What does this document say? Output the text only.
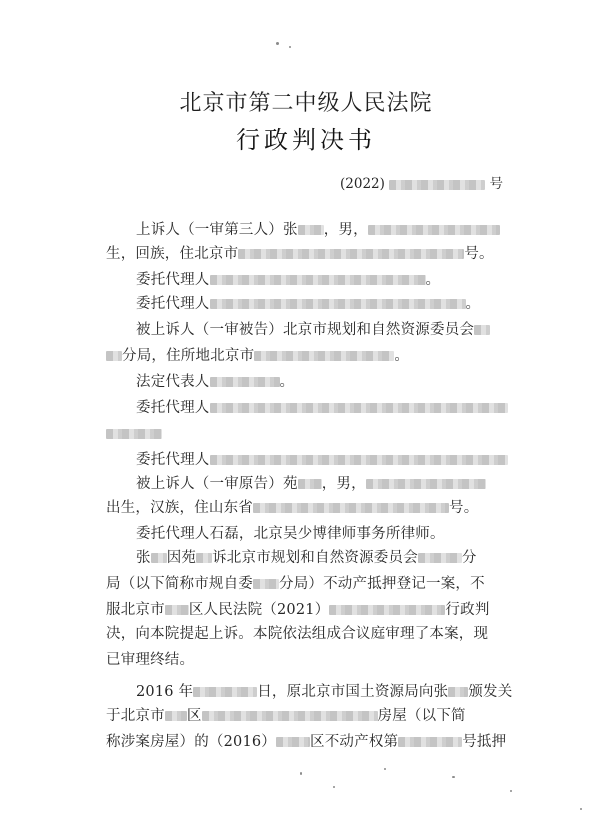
北京市第二中级人民法院
行政判决书
(2022)	号
上诉人（一审第三人）张 ，男，
生，回族，住北京市	号。
委托代理人	。
委托代理人	。
被上诉人（一审被告）北京市规划和自然资源委员会
分局，住所地北京市	。
法定代表人	。
委托代理人
委托代理人
被上诉人（一审原告）苑 ，男，
出生，汉族，住山东省	号。
委托代理人石磊，北京吴少博律师事务所律师。
张 因苑 诉北京市规划和自然资源委员会	分
局（以下简称市规自委 分局）不动产抵押登记一案，不
服北京市 区人民法院（2021）	行政判
决，向本院提起上诉。本院依法组成合议庭审理了本案，现
已审理终结。
2016 年	日，原北京市国土资源局向张 颁发关
于北京市 区	房屋（以下简
称涉案房屋）的（2016） 区不动产权第	号抵押
